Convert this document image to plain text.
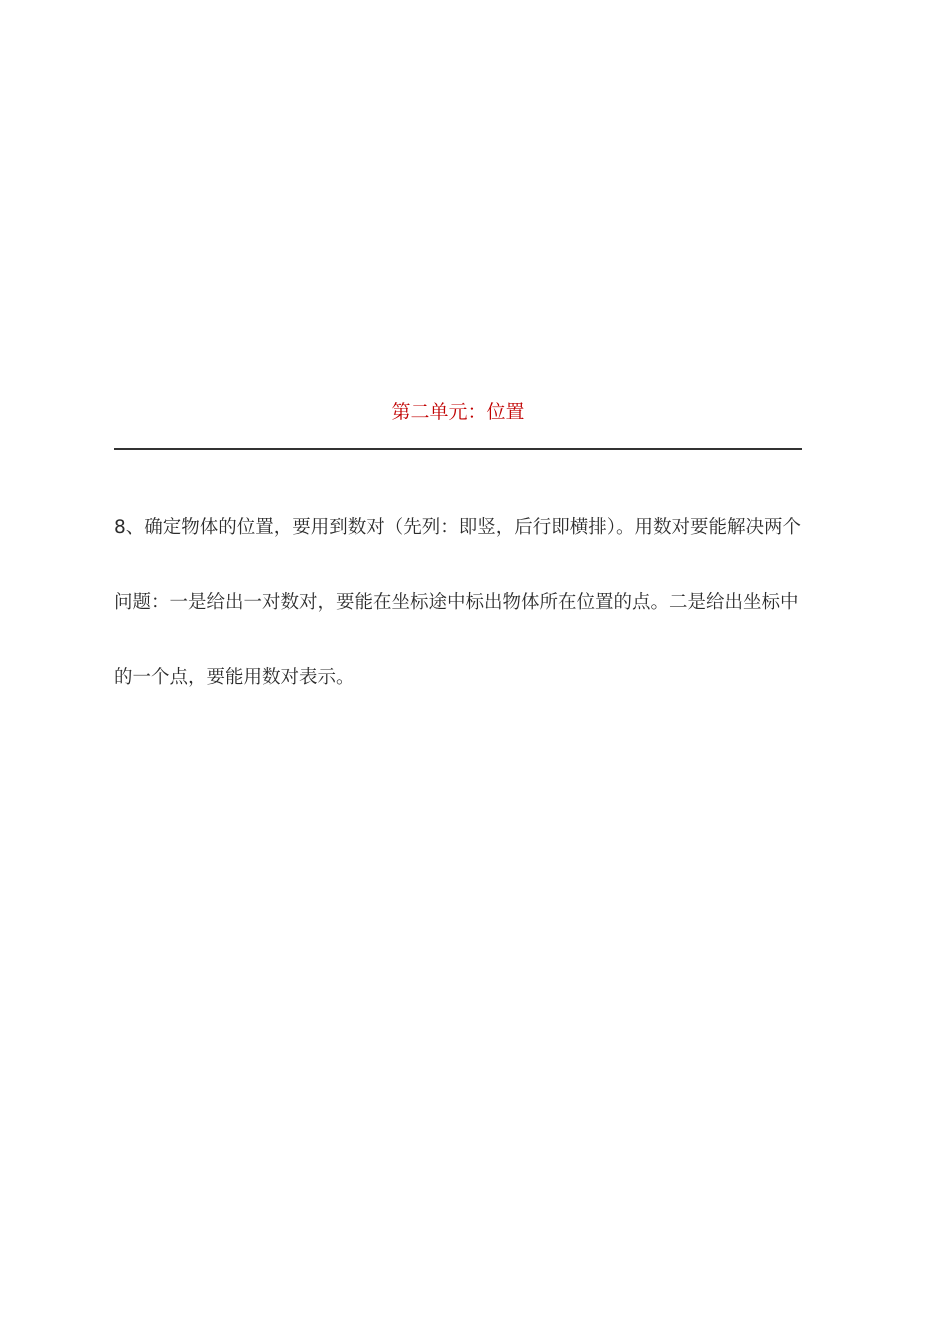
第二单元：位置
8、确定物体的位置，要用到数对（先列：即竖，后行即横排）。用数对要能解决两个
问题：一是给出一对数对，要能在坐标途中标出物体所在位置的点。二是给出坐标中
的一个点，要能用数对表示。
